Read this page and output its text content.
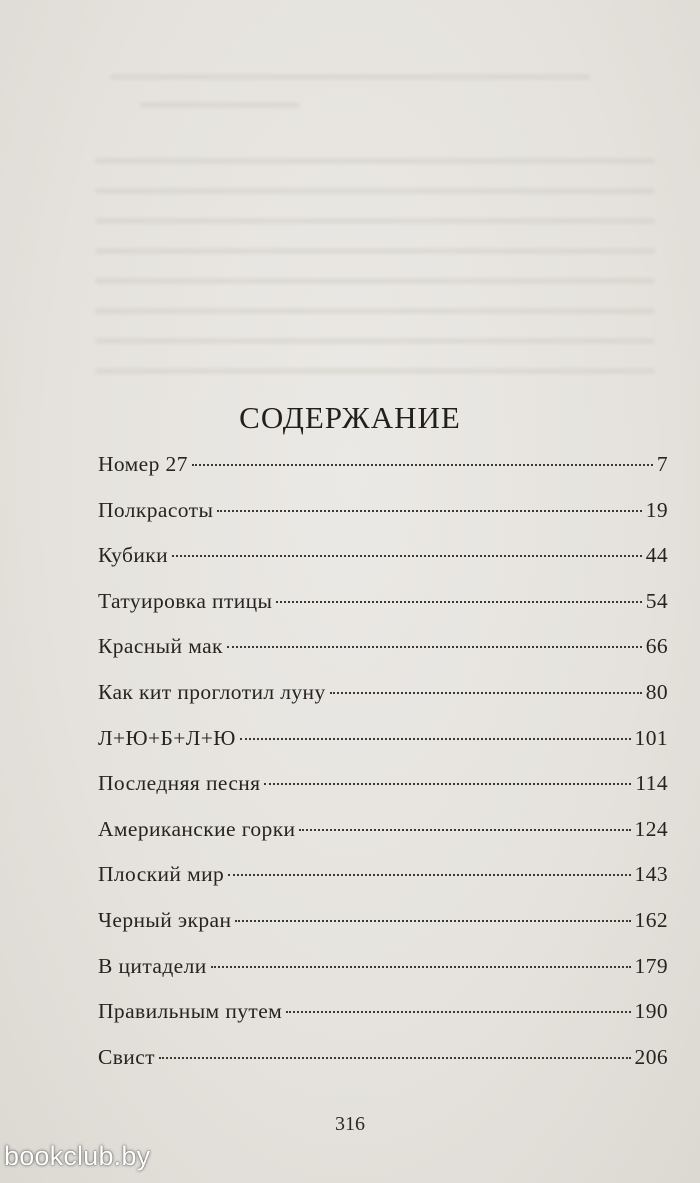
СОДЕРЖАНИЕ
Номер 27	7
Полкрасоты	19
Кубики	44
Татуировка птицы	54
Красный мак	66
Как кит проглотил луну	80
Л+Ю+Б+Л+Ю	101
Последняя песня	114
Американские горки	124
Плоский мир	143
Черный экран	162
В цитадели	179
Правильным путем	190
Свист	206
316
bookclub.by
